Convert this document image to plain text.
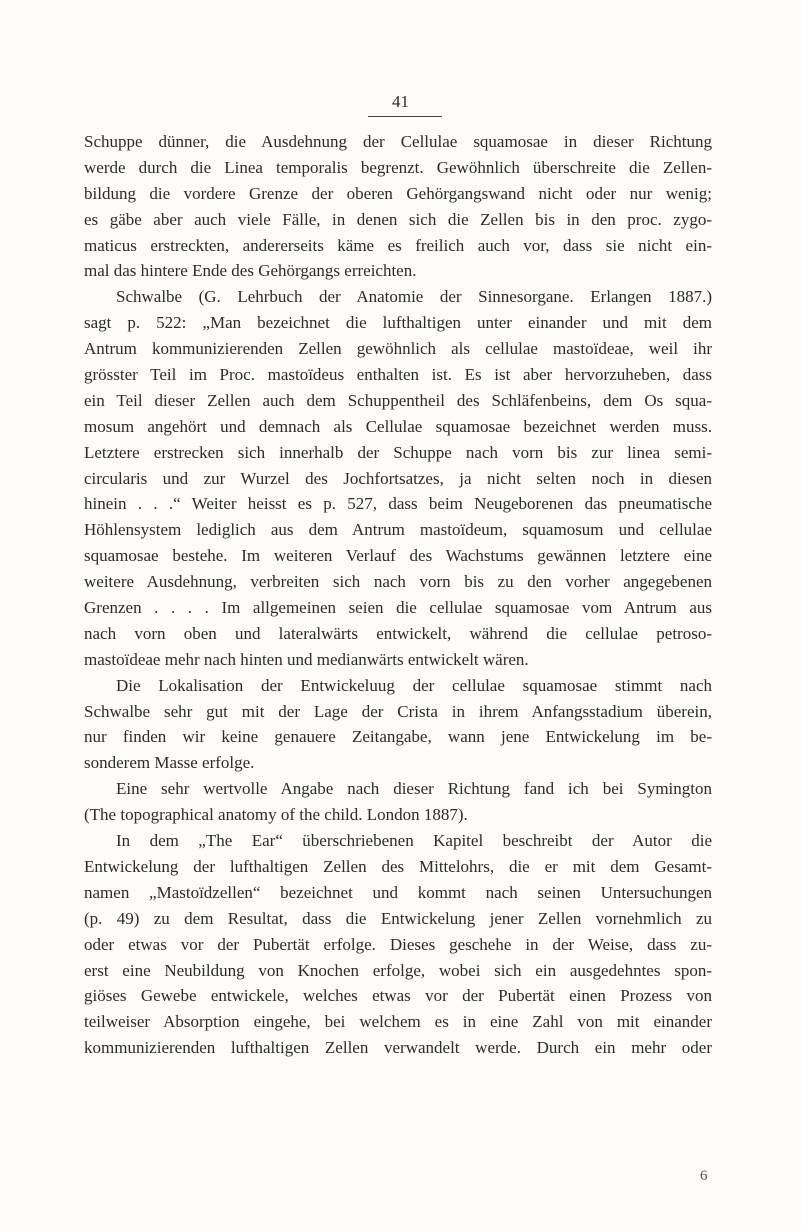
41
Schuppe dünner, die Ausdehnung der Cellulae squamosae in dieser Richtung
werde durch die Linea temporalis begrenzt. Gewöhnlich überschreite die Zellen-
bildung die vordere Grenze der oberen Gehörgangswand nicht oder nur wenig;
es gäbe aber auch viele Fälle, in denen sich die Zellen bis in den proc. zygo-
maticus erstreckten, andererseits käme es freilich auch vor, dass sie nicht ein-
mal das hintere Ende des Gehörgangs erreichten.
Schwalbe (G. Lehrbuch der Anatomie der Sinnesorgane. Erlangen 1887.)
sagt p. 522: „Man bezeichnet die lufthaltigen unter einander und mit dem
Antrum kommunizierenden Zellen gewöhnlich als cellulae mastoïdeae, weil ihr
grösster Teil im Proc. mastoïdeus enthalten ist. Es ist aber hervorzuheben, dass
ein Teil dieser Zellen auch dem Schuppentheil des Schläfenbeins, dem Os squa-
mosum angehört und demnach als Cellulae squamosae bezeichnet werden muss.
Letztere erstrecken sich innerhalb der Schuppe nach vorn bis zur linea semi-
circularis und zur Wurzel des Jochfortsatzes, ja nicht selten noch in diesen
hinein . . .“ Weiter heisst es p. 527, dass beim Neugeborenen das pneumatische
Höhlensystem lediglich aus dem Antrum mastoïdeum, squamosum und cellulae
squamosae bestehe. Im weiteren Verlauf des Wachstums gewännen letztere eine
weitere Ausdehnung, verbreiten sich nach vorn bis zu den vorher angegebenen
Grenzen . . . . Im allgemeinen seien die cellulae squamosae vom Antrum aus
nach vorn oben und lateralwärts entwickelt, während die cellulae petroso-
mastoïdeae mehr nach hinten und medianwärts entwickelt wären.
Die Lokalisation der Entwickeluug der cellulae squamosae stimmt nach
Schwalbe sehr gut mit der Lage der Crista in ihrem Anfangsstadium überein,
nur finden wir keine genauere Zeitangabe, wann jene Entwickelung im be-
sonderem Masse erfolge.
Eine sehr wertvolle Angabe nach dieser Richtung fand ich bei Symington
(The topographical anatomy of the child. London 1887).
In dem „The Ear“ überschriebenen Kapitel beschreibt der Autor die
Entwickelung der lufthaltigen Zellen des Mittelohrs, die er mit dem Gesamt-
namen „Mastoïdzellen“ bezeichnet und kommt nach seinen Untersuchungen
(p. 49) zu dem Resultat, dass die Entwickelung jener Zellen vornehmlich zu
oder etwas vor der Pubertät erfolge. Dieses geschehe in der Weise, dass zu-
erst eine Neubildung von Knochen erfolge, wobei sich ein ausgedehntes spon-
giöses Gewebe entwickele, welches etwas vor der Pubertät einen Prozess von
teilweiser Absorption eingehe, bei welchem es in eine Zahl von mit einander
kommunizierenden lufthaltigen Zellen verwandelt werde. Durch ein mehr oder
6
